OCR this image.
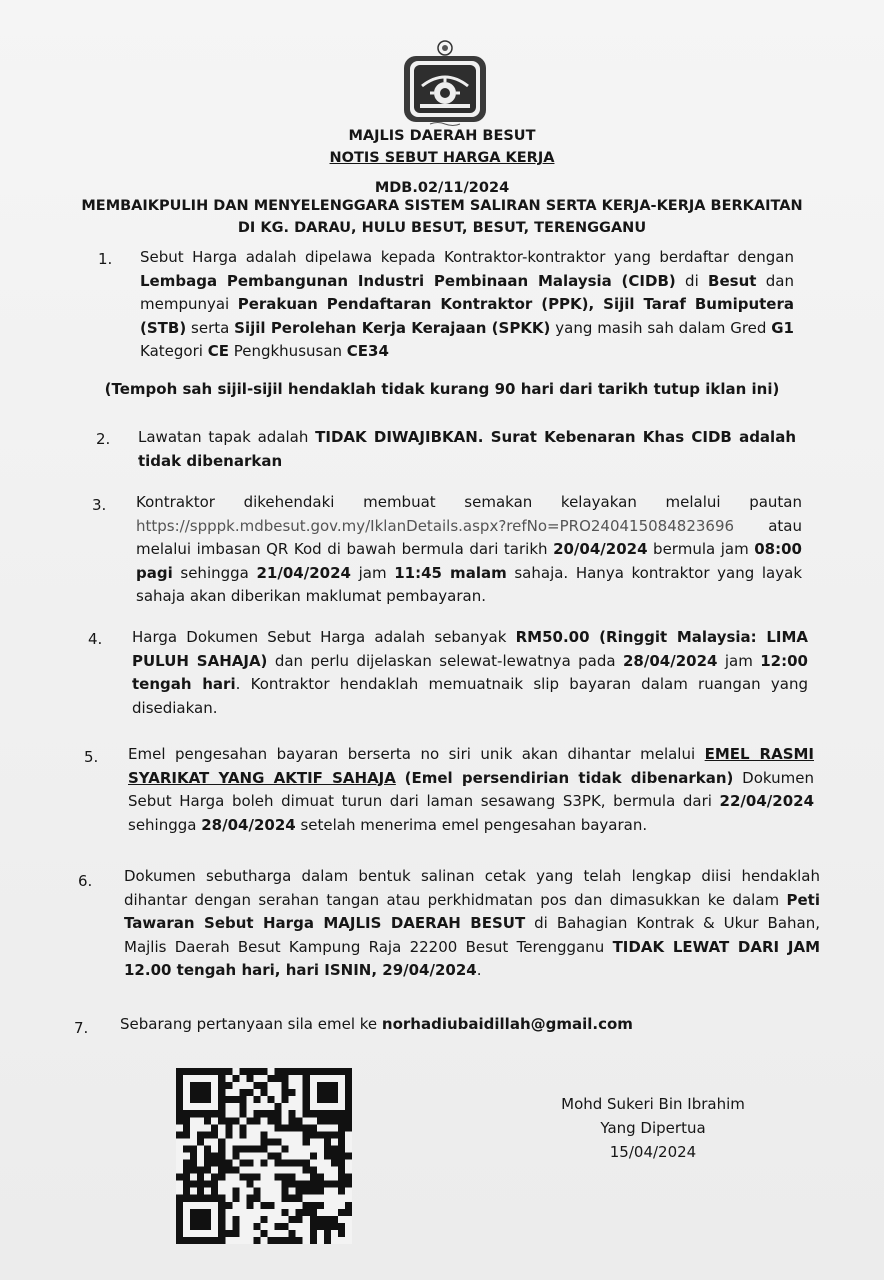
MAJLIS DAERAH BESUT
NOTIS SEBUT HARGA KERJA
MDB.02/11/2024
MEMBAIKPULIH DAN MENYELENGGARA SISTEM SALIRAN SERTA KERJA-KERJA BERKAITAN
DI KG. DARAU, HULU BESUT, BESUT, TERENGGANU
1. Sebut Harga adalah dipelawa kepada Kontraktor-kontraktor yang berdaftar dengan Lembaga Pembangunan Industri Pembinaan Malaysia (CIDB) di Besut dan mempunyai Perakuan Pendaftaran Kontraktor (PPK), Sijil Taraf Bumiputera (STB) serta Sijil Perolehan Kerja Kerajaan (SPKK) yang masih sah dalam Gred G1 Kategori CE Pengkhususan CE34
(Tempoh sah sijil-sijil hendaklah tidak kurang 90 hari dari tarikh tutup iklan ini)
2. Lawatan tapak adalah TIDAK DIWAJIBKAN. Surat Kebenaran Khas CIDB adalah tidak dibenarkan
3. Kontraktor dikehendaki membuat semakan kelayakan melalui pautan https://spppk.mdbesut.gov.my/IklanDetails.aspx?refNo=PRO240415084823696 atau melalui imbasan QR Kod di bawah bermula dari tarikh 20/04/2024 bermula jam 08:00 pagi sehingga 21/04/2024 jam 11:45 malam sahaja. Hanya kontraktor yang layak sahaja akan diberikan maklumat pembayaran.
4. Harga Dokumen Sebut Harga adalah sebanyak RM50.00 (Ringgit Malaysia: LIMA PULUH SAHAJA) dan perlu dijelaskan selewat-lewatnya pada 28/04/2024 jam 12:00 tengah hari. Kontraktor hendaklah memuatnaik slip bayaran dalam ruangan yang disediakan.
5. Emel pengesahan bayaran berserta no siri unik akan dihantar melalui EMEL RASMI SYARIKAT YANG AKTIF SAHAJA (Emel persendirian tidak dibenarkan) Dokumen Sebut Harga boleh dimuat turun dari laman sesawang S3PK, bermula dari 22/04/2024 sehingga 28/04/2024 setelah menerima emel pengesahan bayaran.
6. Dokumen sebutharga dalam bentuk salinan cetak yang telah lengkap diisi hendaklah dihantar dengan serahan tangan atau perkhidmatan pos dan dimasukkan ke dalam Peti Tawaran Sebut Harga MAJLIS DAERAH BESUT di Bahagian Kontrak & Ukur Bahan, Majlis Daerah Besut Kampung Raja 22200 Besut Terengganu TIDAK LEWAT DARI JAM 12.00 tengah hari, hari ISNIN, 29/04/2024.
7. Sebarang pertanyaan sila emel ke norhadiubaidillah@gmail.com
Mohd Sukeri Bin Ibrahim
Yang Dipertua
15/04/2024
